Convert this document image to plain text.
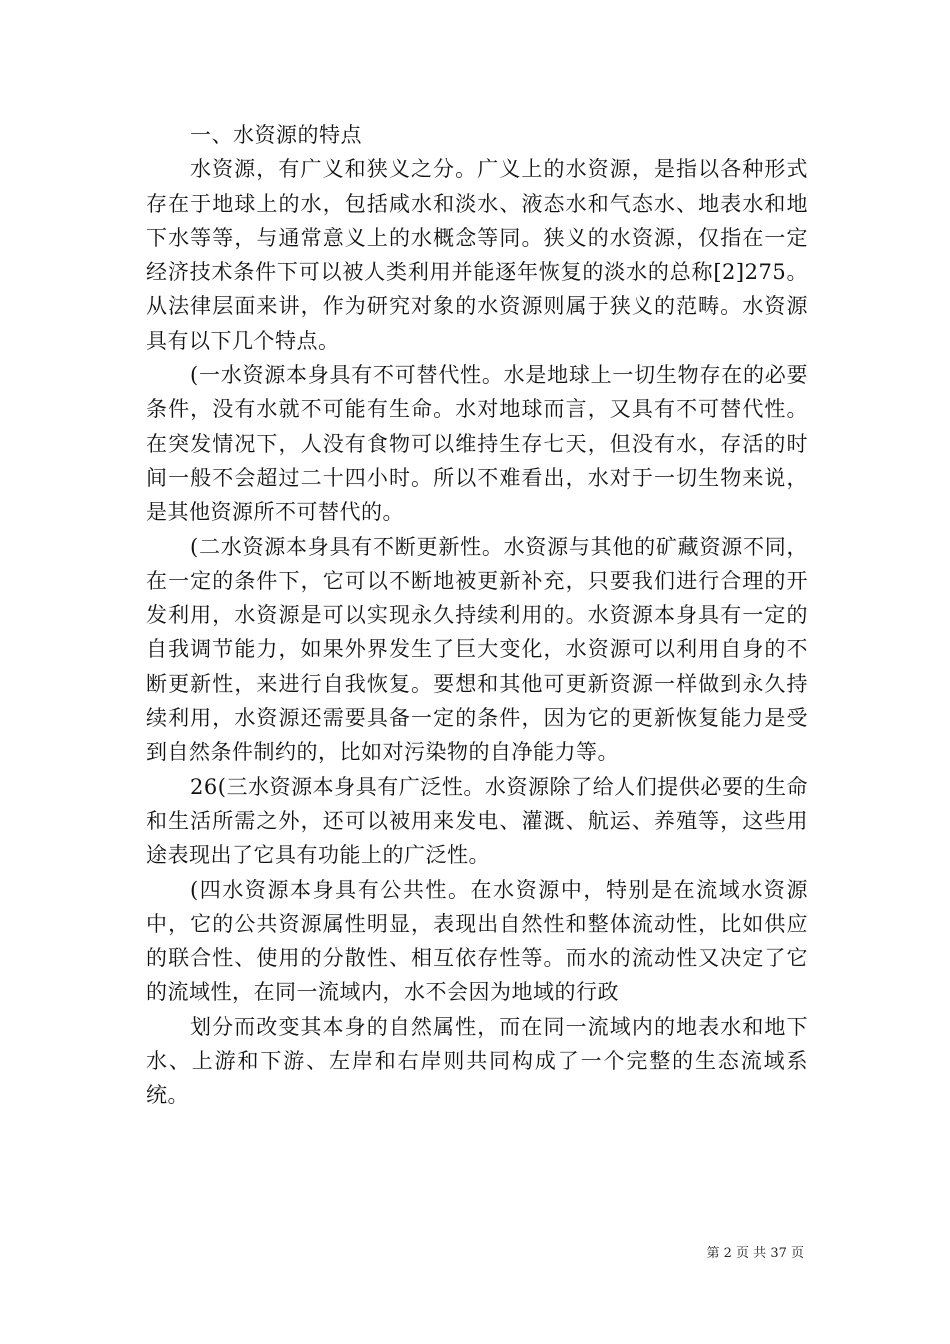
一、水资源的特点

水资源，有广义和狭义之分。广义上的水资源，是指以各种形式存在于地球上的水，包括咸水和淡水、液态水和气态水、地表水和地下水等等，与通常意义上的水概念等同。狭义的水资源，仅指在一定经济技术条件下可以被人类利用并能逐年恢复的淡水的总称[2]275。从法律层面来讲，作为研究对象的水资源则属于狭义的范畴。水资源具有以下几个特点。

(一水资源本身具有不可替代性。水是地球上一切生物存在的必要条件，没有水就不可能有生命。水对地球而言，又具有不可替代性。在突发情况下，人没有食物可以维持生存七天，但没有水，存活的时间一般不会超过二十四小时。所以不难看出，水对于一切生物来说，是其他资源所不可替代的。

(二水资源本身具有不断更新性。水资源与其他的矿藏资源不同，在一定的条件下，它可以不断地被更新补充，只要我们进行合理的开发利用，水资源是可以实现永久持续利用的。水资源本身具有一定的自我调节能力，如果外界发生了巨大变化，水资源可以利用自身的不断更新性，来进行自我恢复。要想和其他可更新资源一样做到永久持续利用，水资源还需要具备一定的条件，因为它的更新恢复能力是受到自然条件制约的，比如对污染物的自净能力等。

26(三水资源本身具有广泛性。水资源除了给人们提供必要的生命和生活所需之外，还可以被用来发电、灌溉、航运、养殖等，这些用途表现出了它具有功能上的广泛性。

(四水资源本身具有公共性。在水资源中，特别是在流域水资源中，它的公共资源属性明显，表现出自然性和整体流动性，比如供应的联合性、使用的分散性、相互依存性等。而水的流动性又决定了它的流域性，在同一流域内，水不会因为地域的行政

划分而改变其本身的自然属性，而在同一流域内的地表水和地下水、上游和下游、左岸和右岸则共同构成了一个完整的生态流域系统。

第 2 页 共 37 页
